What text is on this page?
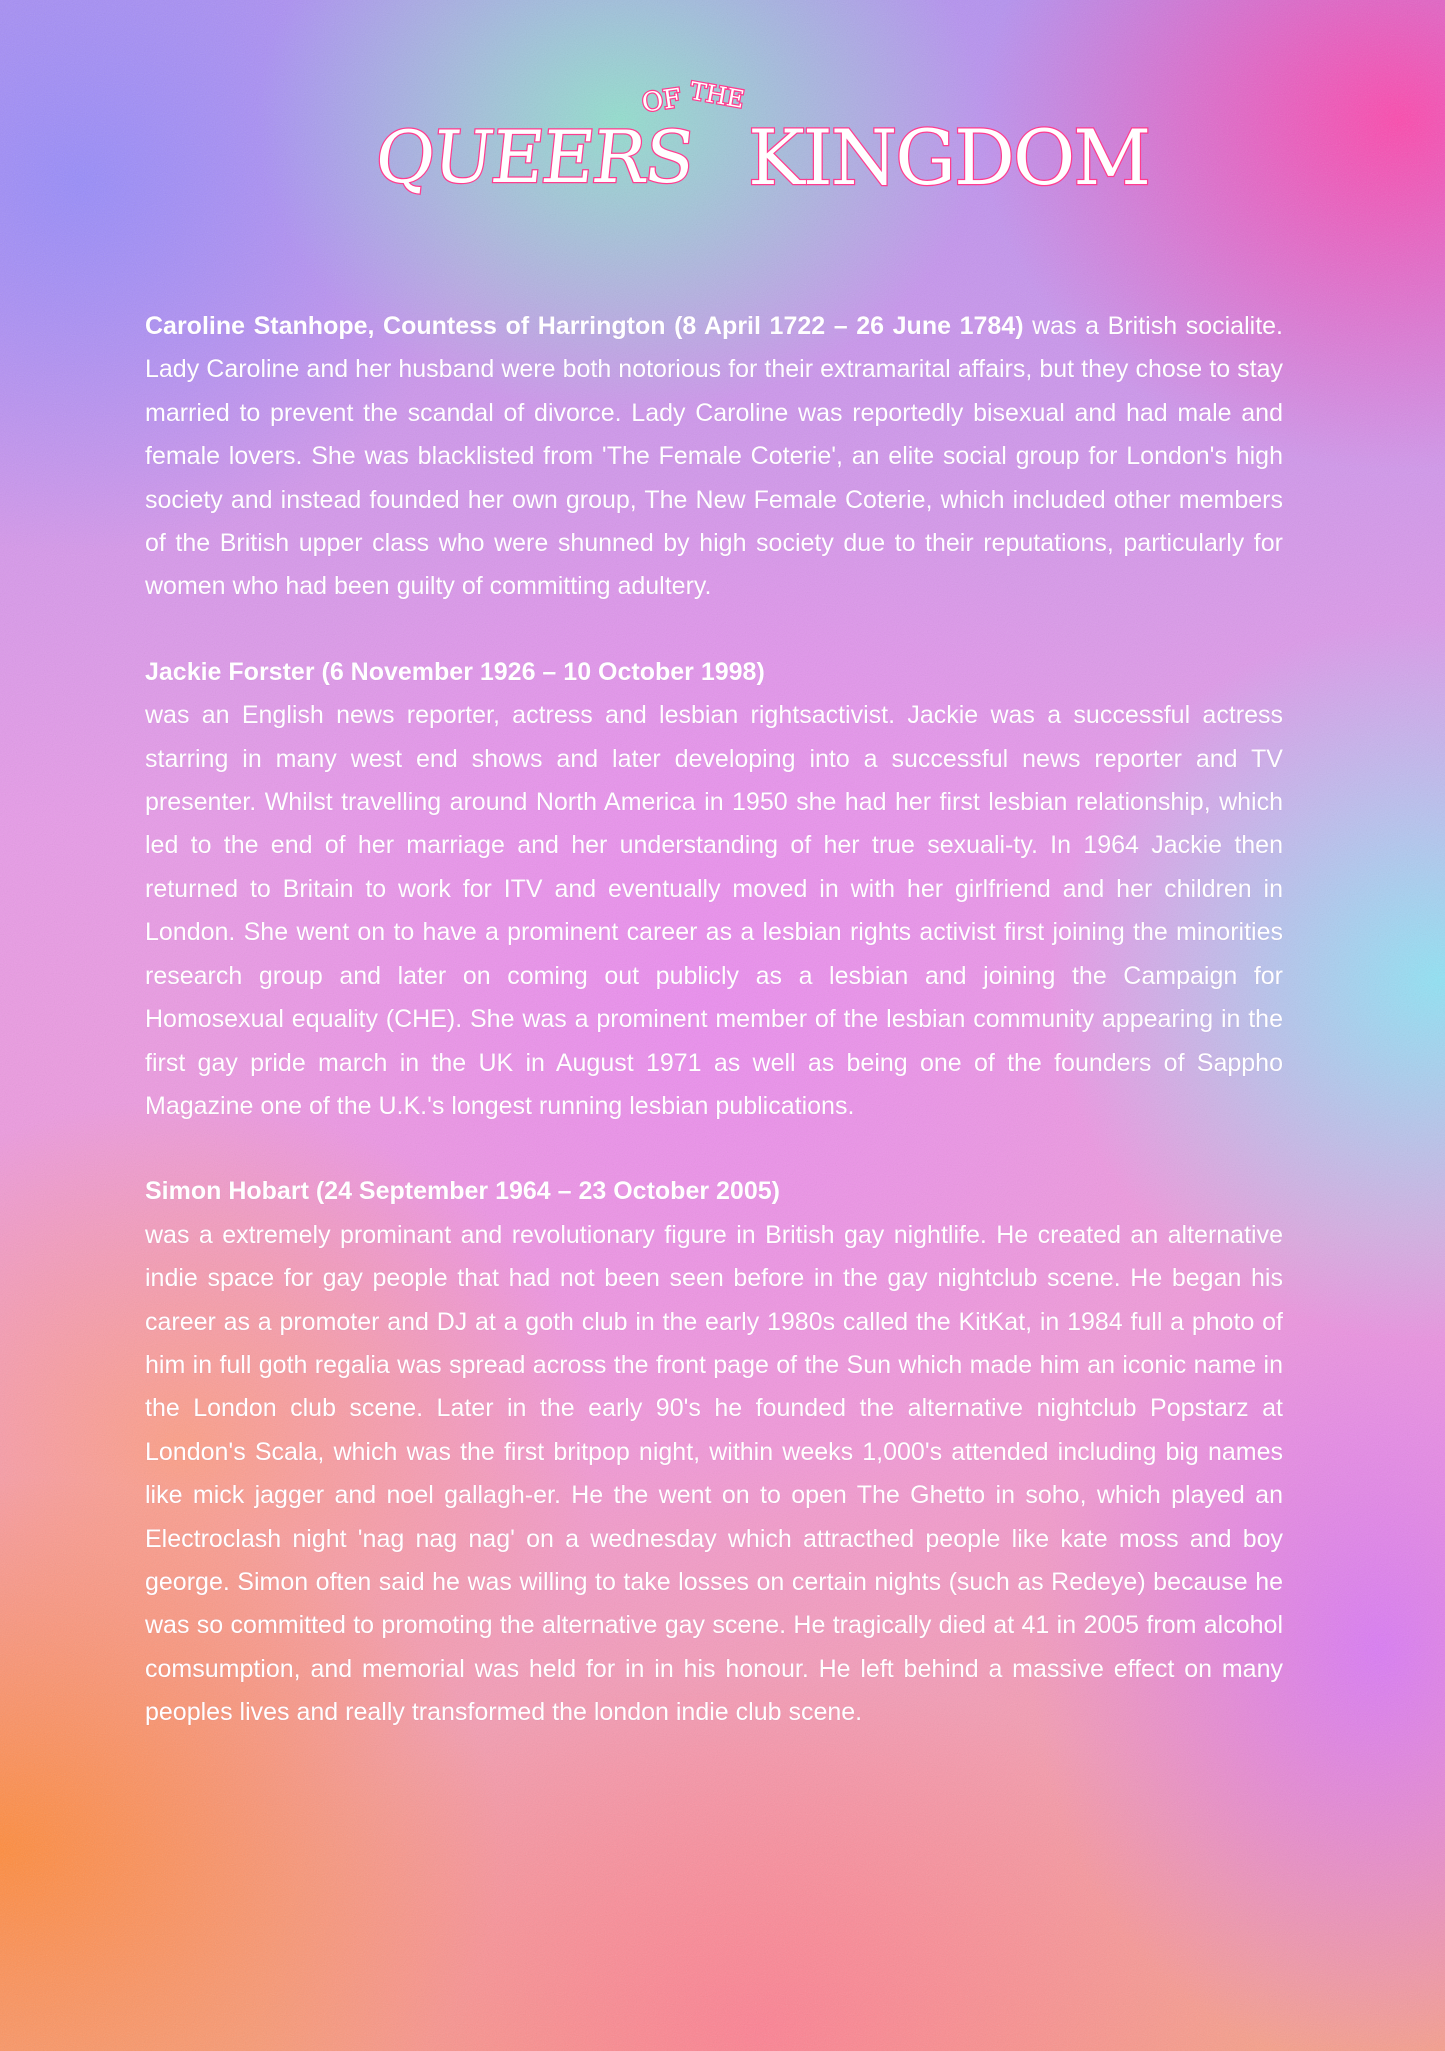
QUEERS
OF THE
KINGDOM

Caroline Stanhope, Countess of Harrington (8 April 1722 – 26 June 1784) was a British socialite. Lady Caroline and her husband were both notorious for their extramarital affairs, but they chose to stay married to prevent the scandal of divorce. Lady Caroline was reportedly bisexual and had male and female lovers. She was blacklisted from 'The Female Coterie', an elite social group for London's high society and instead founded her own group, The New Female Coterie, which included other members of the British upper class who were shunned by high society due to their reputations, particularly for women who had been guilty of committing adultery.

Jackie Forster (6 November 1926 – 10 October 1998)
was an English news reporter, actress and lesbian rightsactivist. Jackie was a successful actress starring in many west end shows and later developing into a successful news reporter and TV presenter. Whilst travelling around North America in 1950 she had her first lesbian relationship, which led to the end of her marriage and her understanding of her true sexuali-ty. In 1964 Jackie then returned to Britain to work for ITV and eventually moved in with her girlfriend and her children in London. She went on to have a prominent career as a lesbian rights activist first joining the minorities research group and later on coming out publicly as a lesbian and joining the Campaign for Homosexual equality (CHE). She was a prominent member of the lesbian community appearing in the first gay pride march in the UK in August 1971 as well as being one of the founders of Sappho Magazine one of the U.K.'s longest running lesbian publications.

Simon Hobart (24 September 1964 – 23 October 2005)
was a extremely prominant and revolutionary figure in British gay nightlife. He created an alternative indie space for gay people that had not been seen before in the gay nightclub scene. He began his career as a promoter and DJ at a goth club in the early 1980s called the KitKat, in 1984 full a photo of him in full goth regalia was spread across the front page of the Sun which made him an iconic name in the London club scene. Later in the early 90's he founded the alternative nightclub Popstarz at London's Scala, which was the first britpop night, within weeks 1,000's attended including big names like mick jagger and noel gallagh-er. He the went on to open The Ghetto in soho, which played an Electroclash night 'nag nag nag' on a wednesday which attracthed people like kate moss and boy george. Simon often said he was willing to take losses on certain nights (such as Redeye) because he was so committed to promoting the alternative gay scene. He tragically died at 41 in 2005 from alcohol comsumption, and memorial was held for in in his honour. He left behind a massive effect on many peoples lives and really transformed the london indie club scene.
